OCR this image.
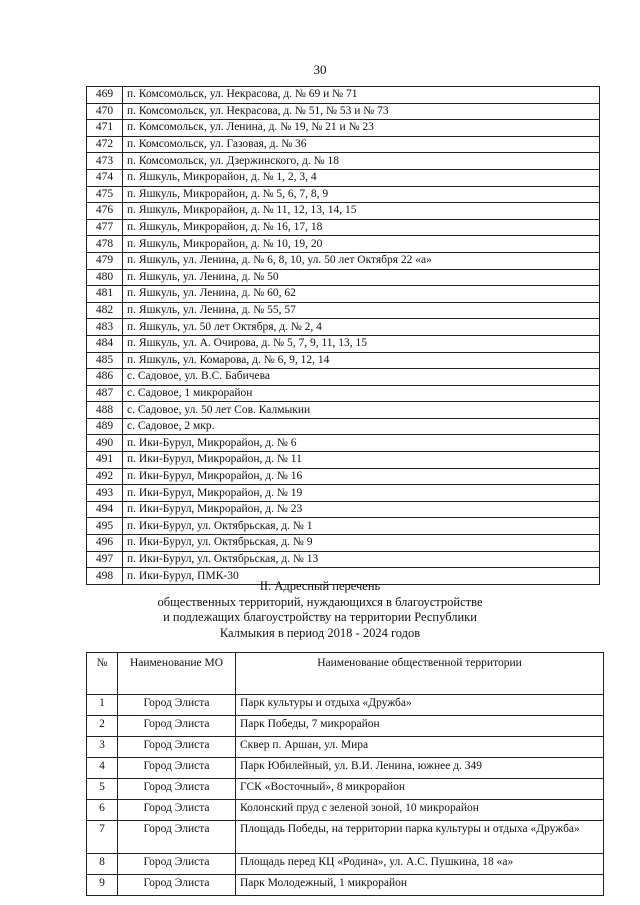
30
469	п. Комсомольск, ул. Некрасова, д. № 69 и № 71
470	п. Комсомольск, ул. Некрасова, д. № 51, № 53 и № 73
471	п. Комсомольск, ул. Ленина, д. № 19, № 21 и № 23
472	п. Комсомольск, ул. Газовая, д. № 36
473	п. Комсомольск, ул. Дзержинского, д. № 18
474	п. Яшкуль, Микрорайон, д. № 1, 2, 3, 4
475	п. Яшкуль, Микрорайон, д. № 5, 6, 7, 8, 9
476	п. Яшкуль, Микрорайон, д. № 11, 12, 13, 14, 15
477	п. Яшкуль, Микрорайон, д. № 16, 17, 18
478	п. Яшкуль, Микрорайон, д. № 10, 19, 20
479	п. Яшкуль, ул. Ленина, д. № 6, 8, 10, ул. 50 лет Октября 22 «а»
480	п. Яшкуль, ул. Ленина, д. № 50
481	п. Яшкуль, ул. Ленина, д. № 60, 62
482	п. Яшкуль, ул. Ленина, д. № 55, 57
483	п. Яшкуль, ул. 50 лет Октября, д. № 2, 4
484	п. Яшкуль, ул. А. Очирова, д. № 5, 7, 9, 11, 13, 15
485	п. Яшкуль, ул. Комарова, д. № 6, 9, 12, 14
486	с. Садовое, ул. В.С. Бабичева
487	с. Садовое, 1 микрорайон
488	с. Садовое, ул. 50 лет Сов. Калмыкии
489	с. Садовое, 2 мкр.
490	п. Ики-Бурул, Микрорайон, д. № 6
491	п. Ики-Бурул, Микрорайон, д. № 11
492	п. Ики-Бурул, Микрорайон, д. № 16
493	п. Ики-Бурул, Микрорайон, д. № 19
494	п. Ики-Бурул, Микрорайон, д. № 23
495	п. Ики-Бурул, ул. Октябрьская, д. № 1
496	п. Ики-Бурул, ул. Октябрьская, д. № 9
497	п. Ики-Бурул, ул. Октябрьская, д. № 13
498	п. Ики-Бурул, ПМК-30
II. Адресный перечень
общественных территорий, нуждающихся в благоустройстве
и подлежащих благоустройству на территории Республики
Калмыкия в период 2018 - 2024 годов
№	Наименование МО	Наименование общественной территории
1	Город Элиста	Парк культуры и отдыха «Дружба»
2	Город Элиста	Парк Победы, 7 микрорайон
3	Город Элиста	Сквер п. Аршан, ул. Мира
4	Город Элиста	Парк Юбилейный, ул. В.И. Ленина, южнее д. 349
5	Город Элиста	ГСК «Восточный», 8 микрорайон
6	Город Элиста	Колонский пруд с зеленой зоной, 10 микрорайон
7	Город Элиста	Площадь Победы, на территории парка культуры и отдыха «Дружба»
8	Город Элиста	Площадь перед КЦ «Родина», ул. А.С. Пушкина, 18 «а»
9	Город Элиста	Парк Молодежный, 1 микрорайон
